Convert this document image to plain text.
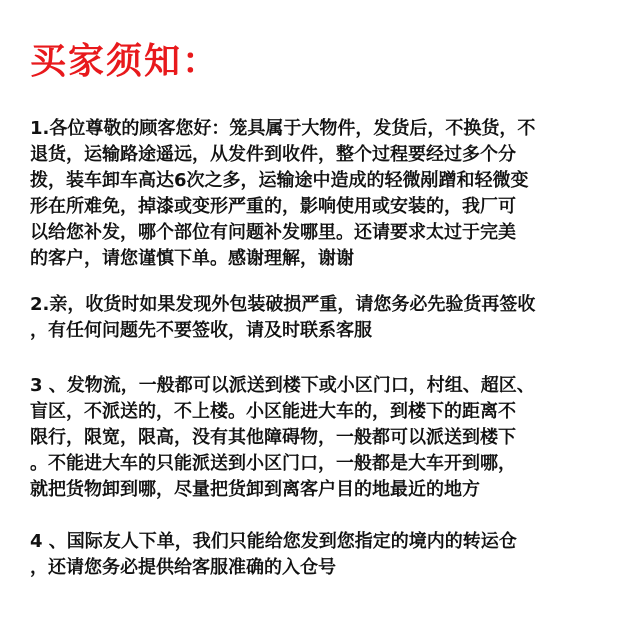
买家须知：
1.各位尊敬的顾客您好：笼具属于大物件，发货后，不换货，不
退货，运输路途遥远，从发件到收件，整个过程要经过多个分
拨，装车卸车高达6次之多，运输途中造成的轻微剐蹭和轻微变
形在所难免，掉漆或变形严重的，影响使用或安装的，我厂可
以给您补发，哪个部位有问题补发哪里。还请要求太过于完美
的客户，请您谨慎下单。感谢理解，谢谢
2.亲，收货时如果发现外包装破损严重，请您务必先验货再签收
，有任何问题先不要签收，请及时联系客服
3 、发物流，一般都可以派送到楼下或小区门口，村组、超区、
盲区，不派送的，不上楼。小区能进大车的，到楼下的距离不
限行，限宽，限高，没有其他障碍物，一般都可以派送到楼下
。不能进大车的只能派送到小区门口，一般都是大车开到哪，
就把货物卸到哪，尽量把货卸到离客户目的地最近的地方
4 、国际友人下单，我们只能给您发到您指定的境内的转运仓
，还请您务必提供给客服准确的入仓号
